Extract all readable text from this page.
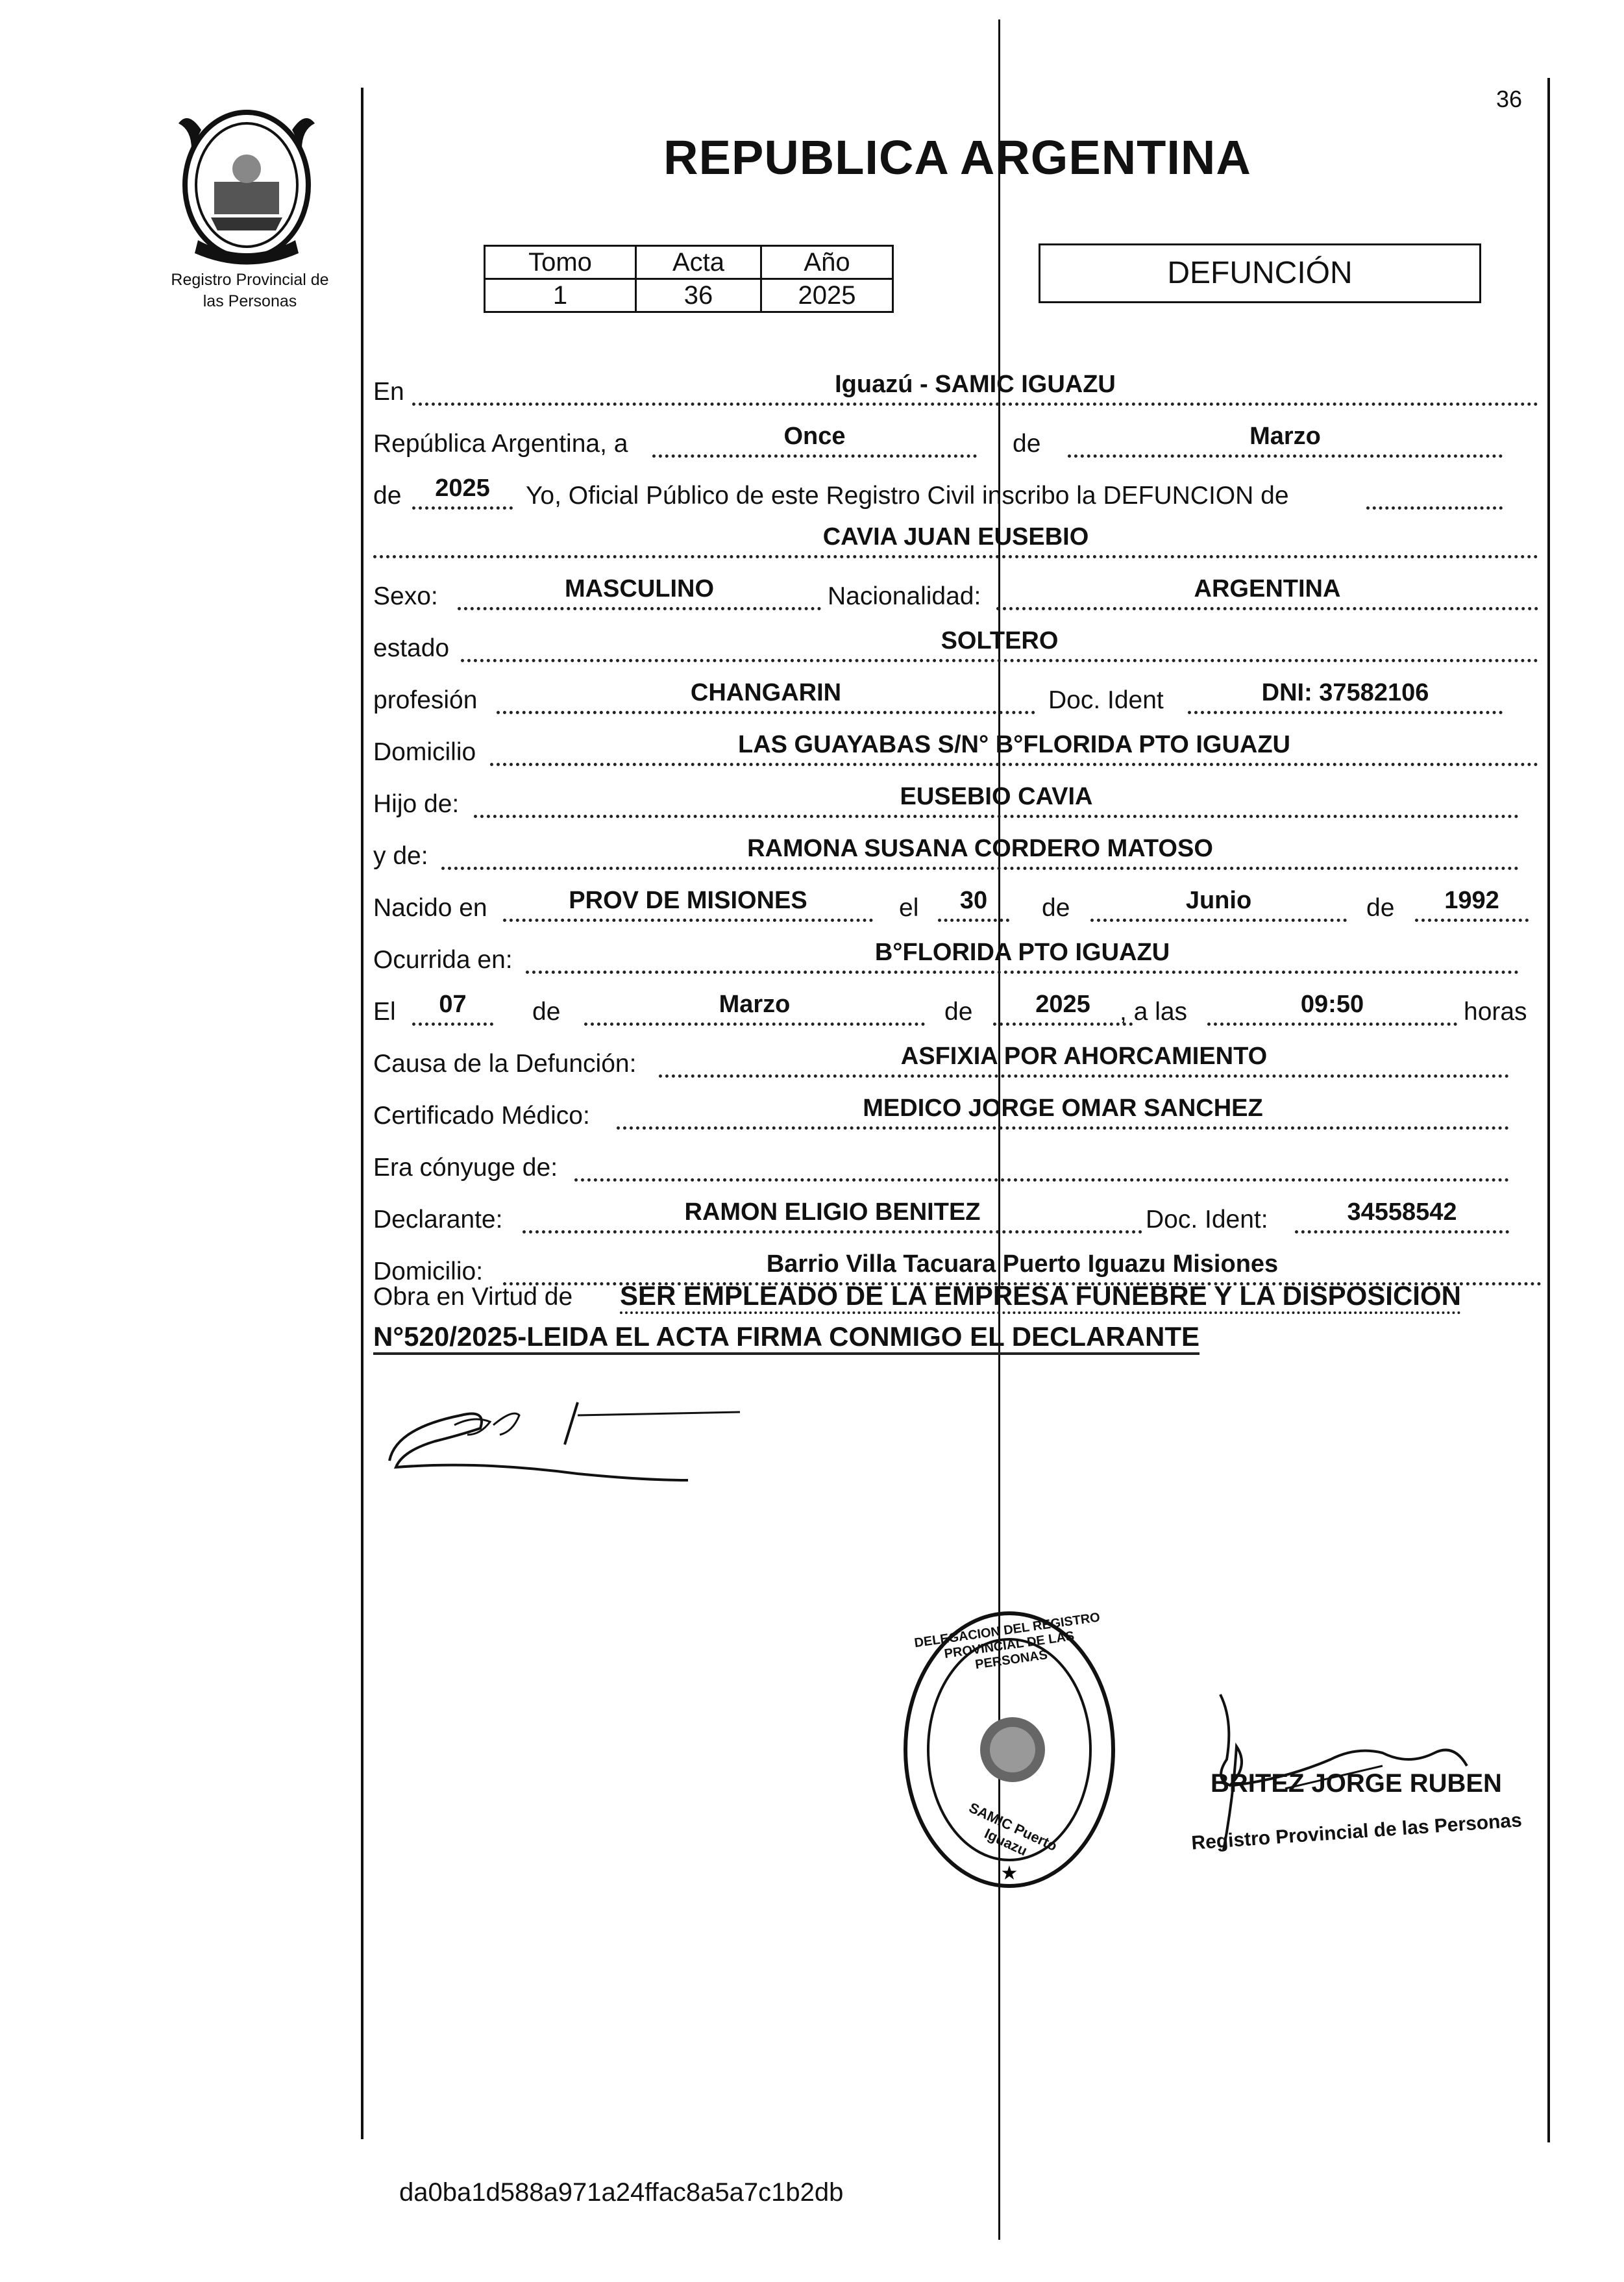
Registro Provincial de
las Personas
36
REPUBLICA ARGENTINA
Tomo	Acta	Año
1	36	2025
DEFUNCIÓN
En	Iguazú - SAMIC IGUAZU
República Argentina, a	Once	de	Marzo
de	2025	Yo, Oficial Público de este Registro Civil inscribo la DEFUNCION de
CAVIA JUAN EUSEBIO
Sexo:	MASCULINO	Nacionalidad:	ARGENTINA
estado	SOLTERO
profesión	CHANGARIN	Doc. Ident	DNI: 37582106
Domicilio	LAS GUAYABAS S/N° B°FLORIDA PTO IGUAZU
Hijo de:	EUSEBIO CAVIA
y de:	RAMONA SUSANA CORDERO MATOSO
Nacido en	PROV DE MISIONES	el	30	de	Junio	de	1992
Ocurrida en:	B°FLORIDA PTO IGUAZU
El	07	de	Marzo	de	2025	, a las	09:50	horas
Causa de la Defunción:	ASFIXIA POR AHORCAMIENTO
Certificado Médico:	MEDICO JORGE OMAR SANCHEZ
Era cónyuge de:
Declarante:	RAMON ELIGIO BENITEZ	Doc. Ident:	34558542
Domicilio:	Barrio Villa Tacuara Puerto Iguazu Misiones
Obra en Virtud de SER EMPLEADO DE LA EMPRESA FUNEBRE Y LA DISPOSICION
N°520/2025-LEIDA EL ACTA FIRMA CONMIGO EL DECLARANTE
★
DELEGACION DEL REGISTRO PROVINCIAL DE LAS PERSONAS
SAMIC Puerto Iguazu
BRITEZ JORGE RUBEN
Registro Provincial de las Personas
da0ba1d588a971a24ffac8a5a7c1b2db
